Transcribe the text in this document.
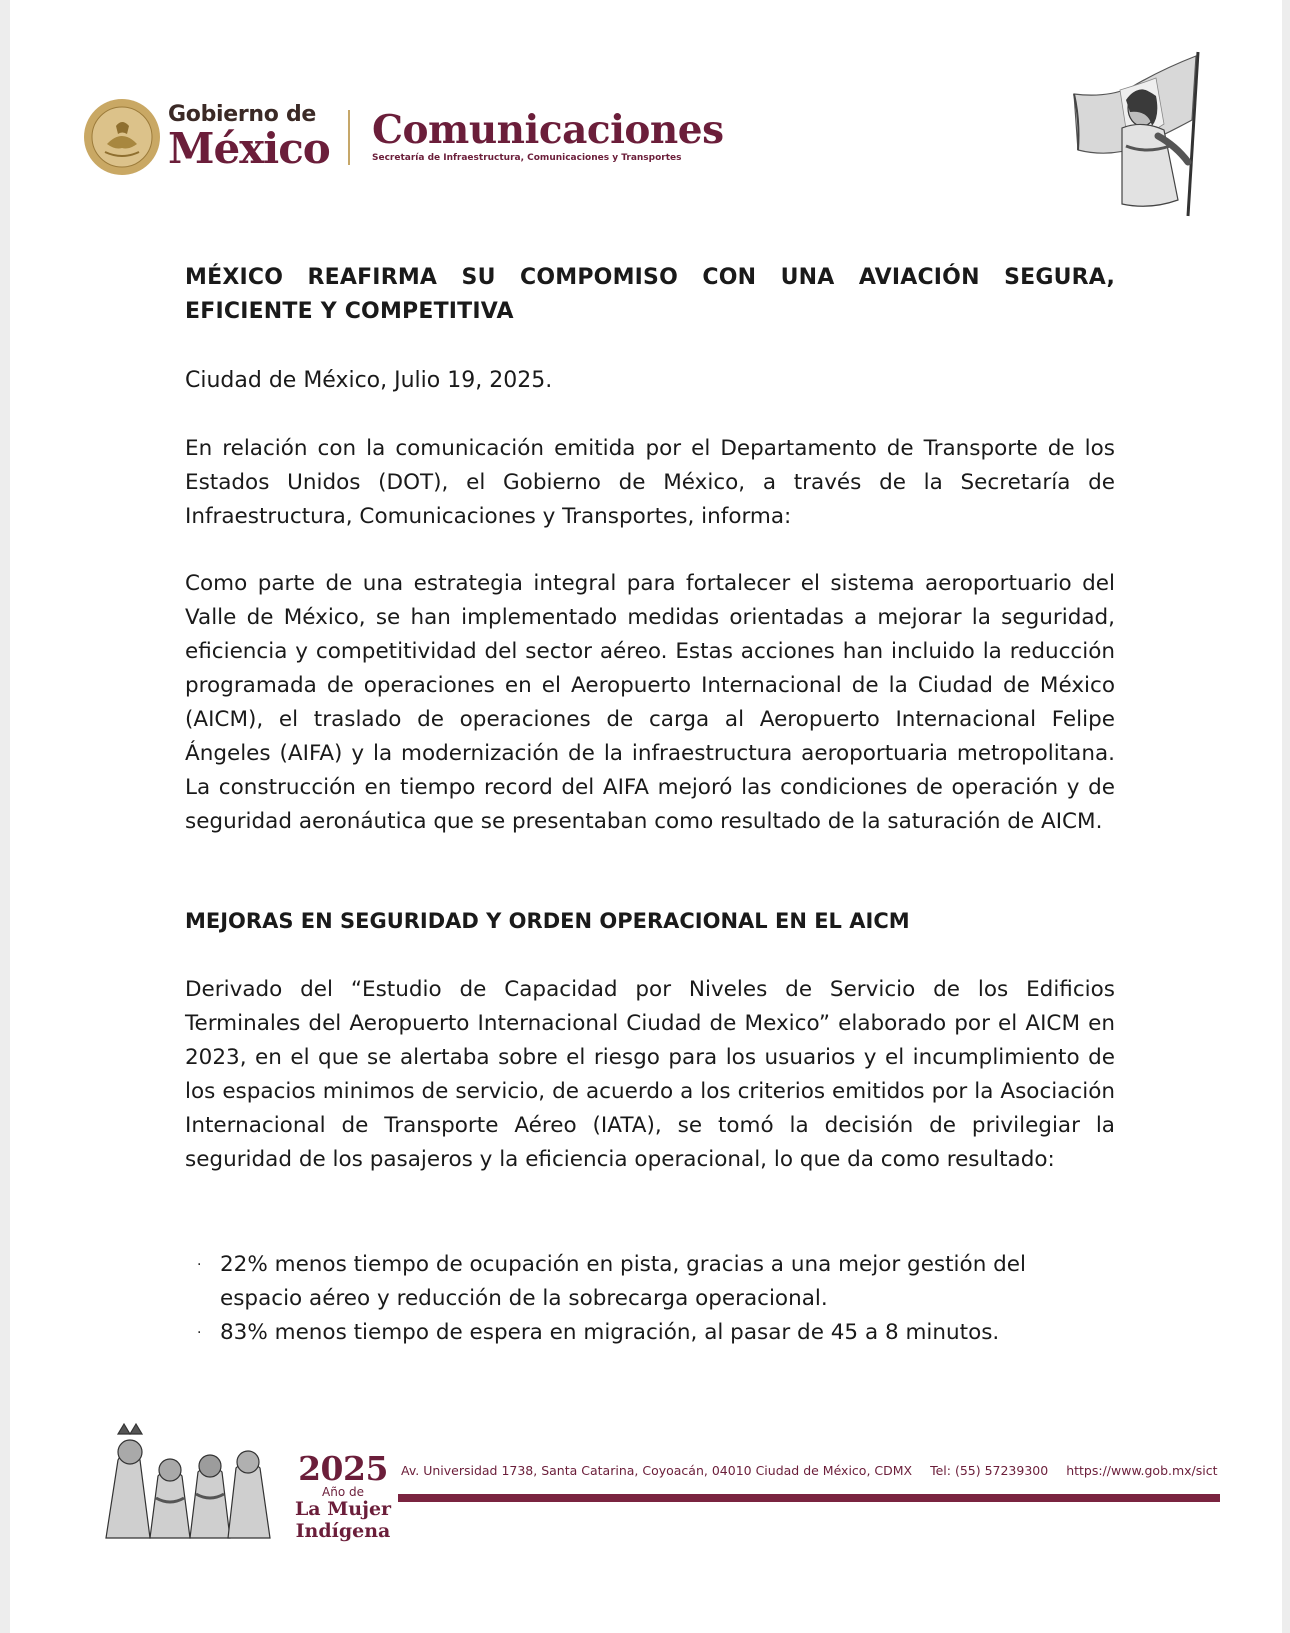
Gobierno de
México Comunicaciones
Secretaría de Infraestructura, Comunicaciones y Transportes
MÉXICO REAFIRMA SU COMPOMISO CON UNA AVIACIÓN SEGURA, EFICIENTE Y COMPETITIVA
Ciudad de México, Julio 19, 2025.
En relación con la comunicación emitida por el Departamento de Transporte de los Estados Unidos (DOT), el Gobierno de México, a través de la Secretaría de Infraestructura, Comunicaciones y Transportes, informa:
Como parte de una estrategia integral para fortalecer el sistema aeroportuario del Valle de México, se han implementado medidas orientadas a mejorar la seguridad, eficiencia y competitividad del sector aéreo. Estas acciones han incluido la reducción programada de operaciones en el Aeropuerto Internacional de la Ciudad de México (AICM), el traslado de operaciones de carga al Aeropuerto Internacional Felipe Ángeles (AIFA) y la modernización de la infraestructura aeroportuaria metropolitana. La construcción en tiempo record del AIFA mejoró las condiciones de operación y de seguridad aeronáutica que se presentaban como resultado de la saturación de AICM.
MEJORAS EN SEGURIDAD Y ORDEN OPERACIONAL EN EL AICM
Derivado del “Estudio de Capacidad por Niveles de Servicio de los Edificios Terminales del Aeropuerto Internacional Ciudad de Mexico” elaborado por el AICM en 2023, en el que se alertaba sobre el riesgo para los usuarios y el incumplimiento de los espacios minimos de servicio, de acuerdo a los criterios emitidos por la Asociación Internacional de Transporte Aéreo (IATA), se tomó la decisión de privilegiar la seguridad de los pasajeros y la eficiencia operacional, lo que da como resultado:
· 22% menos tiempo de ocupación en pista, gracias a una mejor gestión del espacio aéreo y reducción de la sobrecarga operacional.
· 83% menos tiempo de espera en migración, al pasar de 45 a 8 minutos.
2025
Año de
La Mujer
Indígena
Av. Universidad 1738, Santa Catarina, Coyoacán, 04010 Ciudad de México, CDMX Tel: (55) 57239300 https://www.gob.mx/sict
